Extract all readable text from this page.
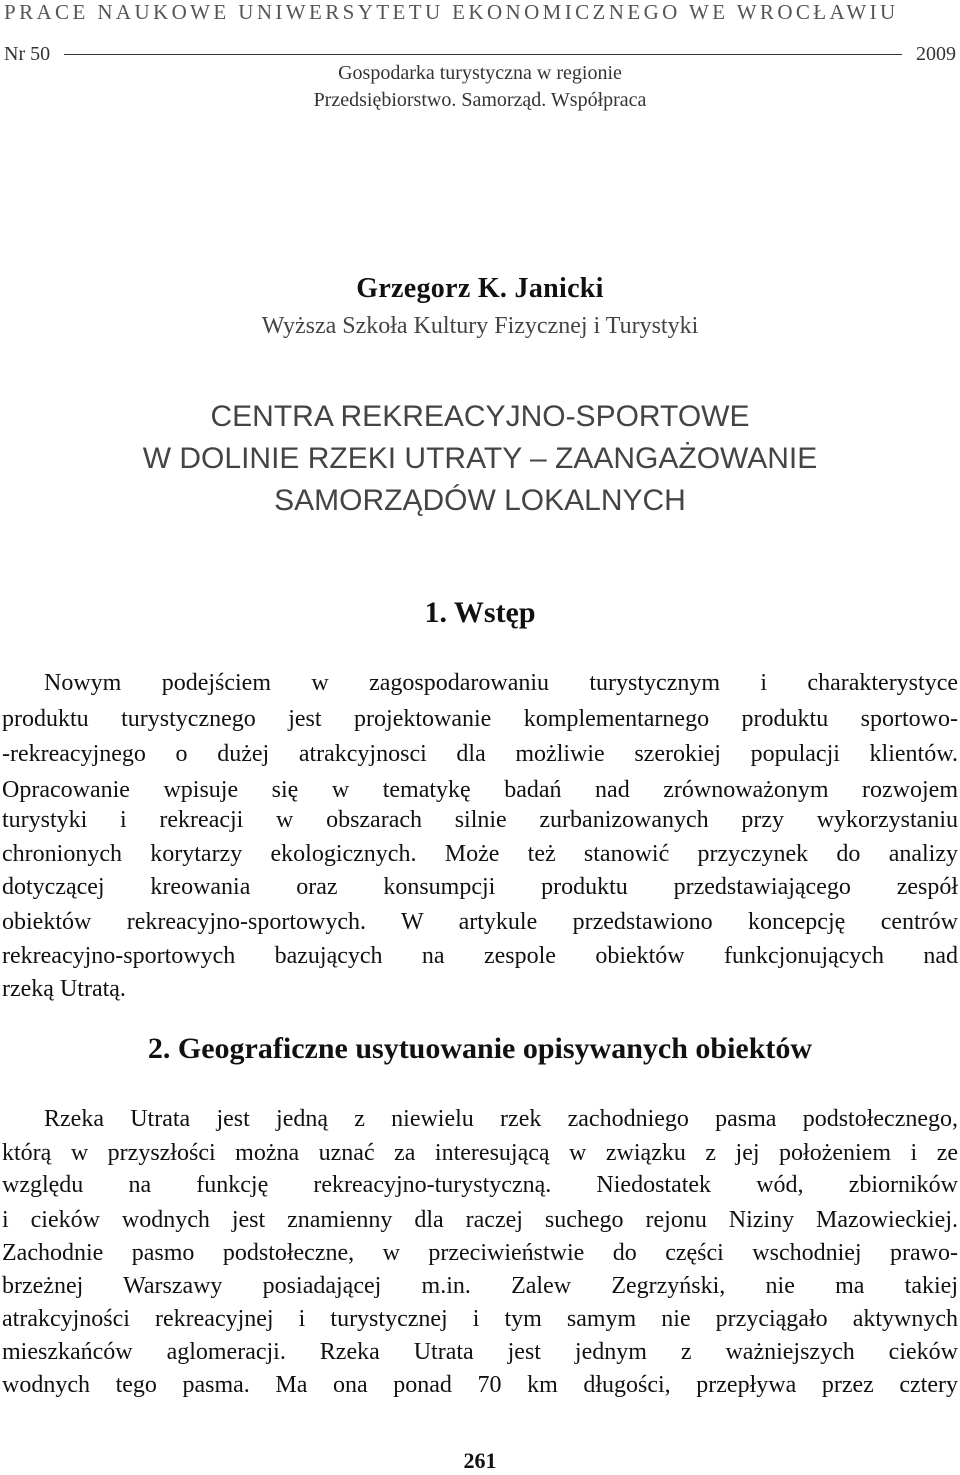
PRACE NAUKOWE UNIWERSYTETU EKONOMICZNEGO WE WROCŁAWIU
Nr 50	2009
Gospodarka turystyczna w regionie
Przedsiębiorstwo. Samorząd. Współpraca
Grzegorz K. Janicki
Wyższa Szkoła Kultury Fizycznej i Turystyki
CENTRA REKREACYJNO-SPORTOWE
W DOLINIE RZEKI UTRATY – ZAANGAŻOWANIE
SAMORZĄDÓW LOKALNYCH
1. Wstęp
Nowym podejściem w zagospodarowaniu turystycznym i charakterystyce
produktu turystycznego jest projektowanie komplementarnego produktu sportowo-
-rekreacyjnego o dużej atrakcyjnosci dla możliwie szerokiej populacji klientów.
Opracowanie wpisuje się w tematykę badań nad zrównoważonym rozwojem
turystyki i rekreacji w obszarach silnie zurbanizowanych przy wykorzystaniu
chronionych korytarzy ekologicznych. Może też stanowić przyczynek do analizy
dotyczącej kreowania oraz konsumpcji produktu przedstawiającego zespół
obiektów rekreacyjno-sportowych. W artykule przedstawiono koncepcję centrów
rekreacyjno-sportowych bazujących na zespole obiektów funkcjonujących nad
rzeką Utratą.
2. Geograficzne usytuowanie opisywanych obiektów
Rzeka Utrata jest jedną z niewielu rzek zachodniego pasma podstołecznego,
którą w przyszłości można uznać za interesującą w związku z jej położeniem i ze
względu na funkcję rekreacyjno-turystyczną. Niedostatek wód, zbiorników
i cieków wodnych jest znamienny dla raczej suchego rejonu Niziny Mazowieckiej.
Zachodnie pasmo podstołeczne, w przeciwieństwie do części wschodniej prawo-
brzeżnej Warszawy posiadającej m.in. Zalew Zegrzyński, nie ma takiej
atrakcyjności rekreacyjnej i turystycznej i tym samym nie przyciągało aktywnych
mieszkańców aglomeracji. Rzeka Utrata jest jednym z ważniejszych cieków
wodnych tego pasma. Ma ona ponad 70 km długości, przepływa przez cztery
261
